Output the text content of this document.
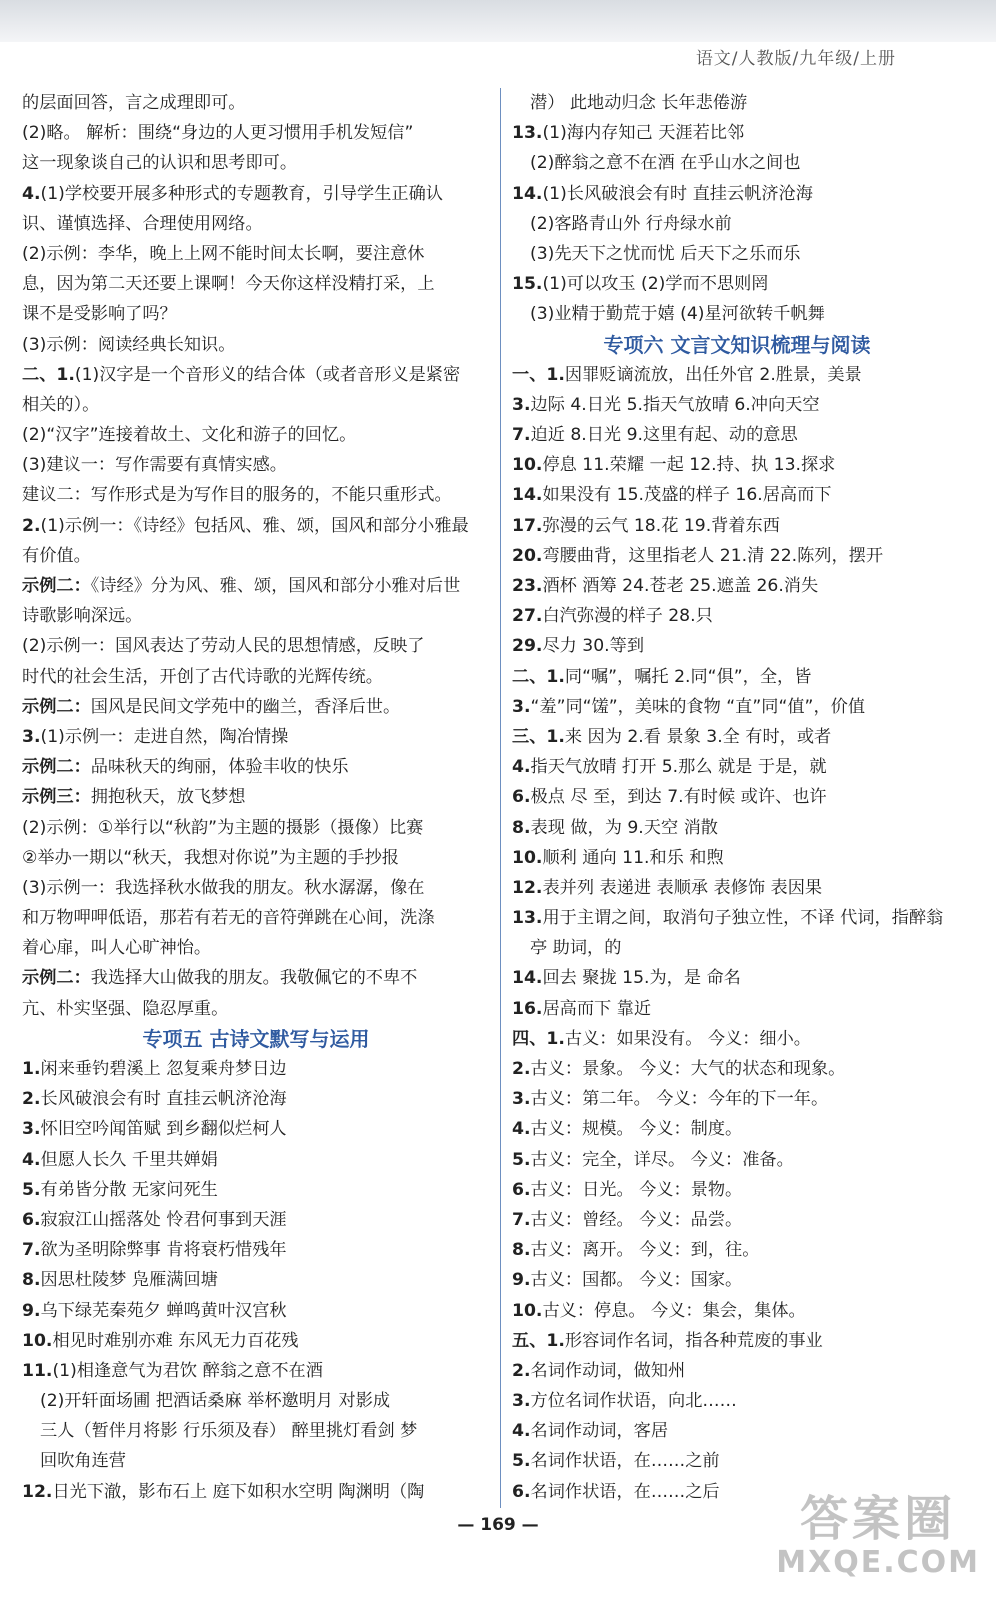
语文/人教版/九年级/上册
的层面回答，言之成理即可。
(2)略。 解析：围绕“身边的人更习惯用手机发短信”
这一现象谈自己的认识和思考即可。
4.(1)学校要开展多种形式的专题教育，引导学生正确认
识、谨慎选择、合理使用网络。
(2)示例：李华，晚上上网不能时间太长啊，要注意休
息，因为第二天还要上课啊！今天你这样没精打采，上
课不是受影响了吗？
(3)示例：阅读经典长知识。
二、1.(1)汉字是一个音形义的结合体（或者音形义是紧密
相关的）。
(2)“汉字”连接着故土、文化和游子的回忆。
(3)建议一：写作需要有真情实感。
建议二：写作形式是为写作目的服务的，不能只重形式。
2.(1)示例一：《诗经》包括风、雅、颂，国风和部分小雅最
有价值。
示例二：《诗经》分为风、雅、颂，国风和部分小雅对后世
诗歌影响深远。
(2)示例一：国风表达了劳动人民的思想情感，反映了
时代的社会生活，开创了古代诗歌的光辉传统。
示例二：国风是民间文学苑中的幽兰，香泽后世。
3.(1)示例一：走进自然，陶冶情操
示例二：品味秋天的绚丽，体验丰收的快乐
示例三：拥抱秋天，放飞梦想
(2)示例：①举行以“秋韵”为主题的摄影（摄像）比赛
②举办一期以“秋天，我想对你说”为主题的手抄报
(3)示例一：我选择秋水做我的朋友。秋水潺潺，像在
和万物呷呷低语，那若有若无的音符弹跳在心间，洗涤
着心扉，叫人心旷神怡。
示例二：我选择大山做我的朋友。我敬佩它的不卑不
亢、朴实坚强、隐忍厚重。
专项五 古诗文默写与运用
1.闲来垂钓碧溪上 忽复乘舟梦日边
2.长风破浪会有时 直挂云帆济沧海
3.怀旧空吟闻笛赋 到乡翻似烂柯人
4.但愿人长久 千里共婵娟
5.有弟皆分散 无家问死生
6.寂寂江山摇落处 怜君何事到天涯
7.欲为圣明除弊事 肯将衰朽惜残年
8.因思杜陵梦 凫雁满回塘
9.乌下绿芜秦苑夕 蝉鸣黄叶汉宫秋
10.相见时难别亦难 东风无力百花残
11.(1)相逢意气为君饮 醉翁之意不在酒
(2)开轩面场圃 把酒话桑麻 举杯邀明月 对影成
三人（暂伴月将影 行乐须及春） 醉里挑灯看剑 梦
回吹角连营
12.日光下澈，影布石上 庭下如积水空明 陶渊明（陶
潜） 此地动归念 长年悲倦游
13.(1)海内存知己 天涯若比邻
(2)醉翁之意不在酒 在乎山水之间也
14.(1)长风破浪会有时 直挂云帆济沧海
(2)客路青山外 行舟绿水前
(3)先天下之忧而忧 后天下之乐而乐
15.(1)可以攻玉 (2)学而不思则罔
(3)业精于勤荒于嬉 (4)星河欲转千帆舞
专项六 文言文知识梳理与阅读
一、1.因罪贬谪流放，出任外官 2.胜景，美景
3.边际 4.日光 5.指天气放晴 6.冲向天空
7.迫近 8.日光 9.这里有起、动的意思
10.停息 11.荣耀 一起 12.持、执 13.探求
14.如果没有 15.茂盛的样子 16.居高而下
17.弥漫的云气 18.花 19.背着东西
20.弯腰曲背，这里指老人 21.清 22.陈列，摆开
23.酒杯 酒筹 24.苍老 25.遮盖 26.消失
27.白汽弥漫的样子 28.只
29.尽力 30.等到
二、1.同“嘱”，嘱托 2.同“俱”，全，皆
3.“羞”同“馐”，美味的食物 “直”同“值”，价值
三、1.来 因为 2.看 景象 3.全 有时，或者
4.指天气放晴 打开 5.那么 就是 于是，就
6.极点 尽 至，到达 7.有时候 或许、也许
8.表现 做，为 9.天空 消散
10.顺利 通向 11.和乐 和煦
12.表并列 表递进 表顺承 表修饰 表因果
13.用于主谓之间，取消句子独立性，不译 代词，指醉翁
亭 助词，的
14.回去 聚拢 15.为，是 命名
16.居高而下 靠近
四、1.古义：如果没有。 今义：细小。
2.古义：景象。 今义：大气的状态和现象。
3.古义：第二年。 今义：今年的下一年。
4.古义：规模。 今义：制度。
5.古义：完全，详尽。 今义：准备。
6.古义：日光。 今义：景物。
7.古义：曾经。 今义：品尝。
8.古义：离开。 今义：到，往。
9.古义：国都。 今义：国家。
10.古义：停息。 今义：集会，集体。
五、1.形容词作名词，指各种荒废的事业
2.名词作动词，做知州
3.方位名词作状语，向北……
4.名词作动词，客居
5.名词作状语，在……之前
6.名词作状语，在……之后
— 169 —	答案圈
MXQE.COM
